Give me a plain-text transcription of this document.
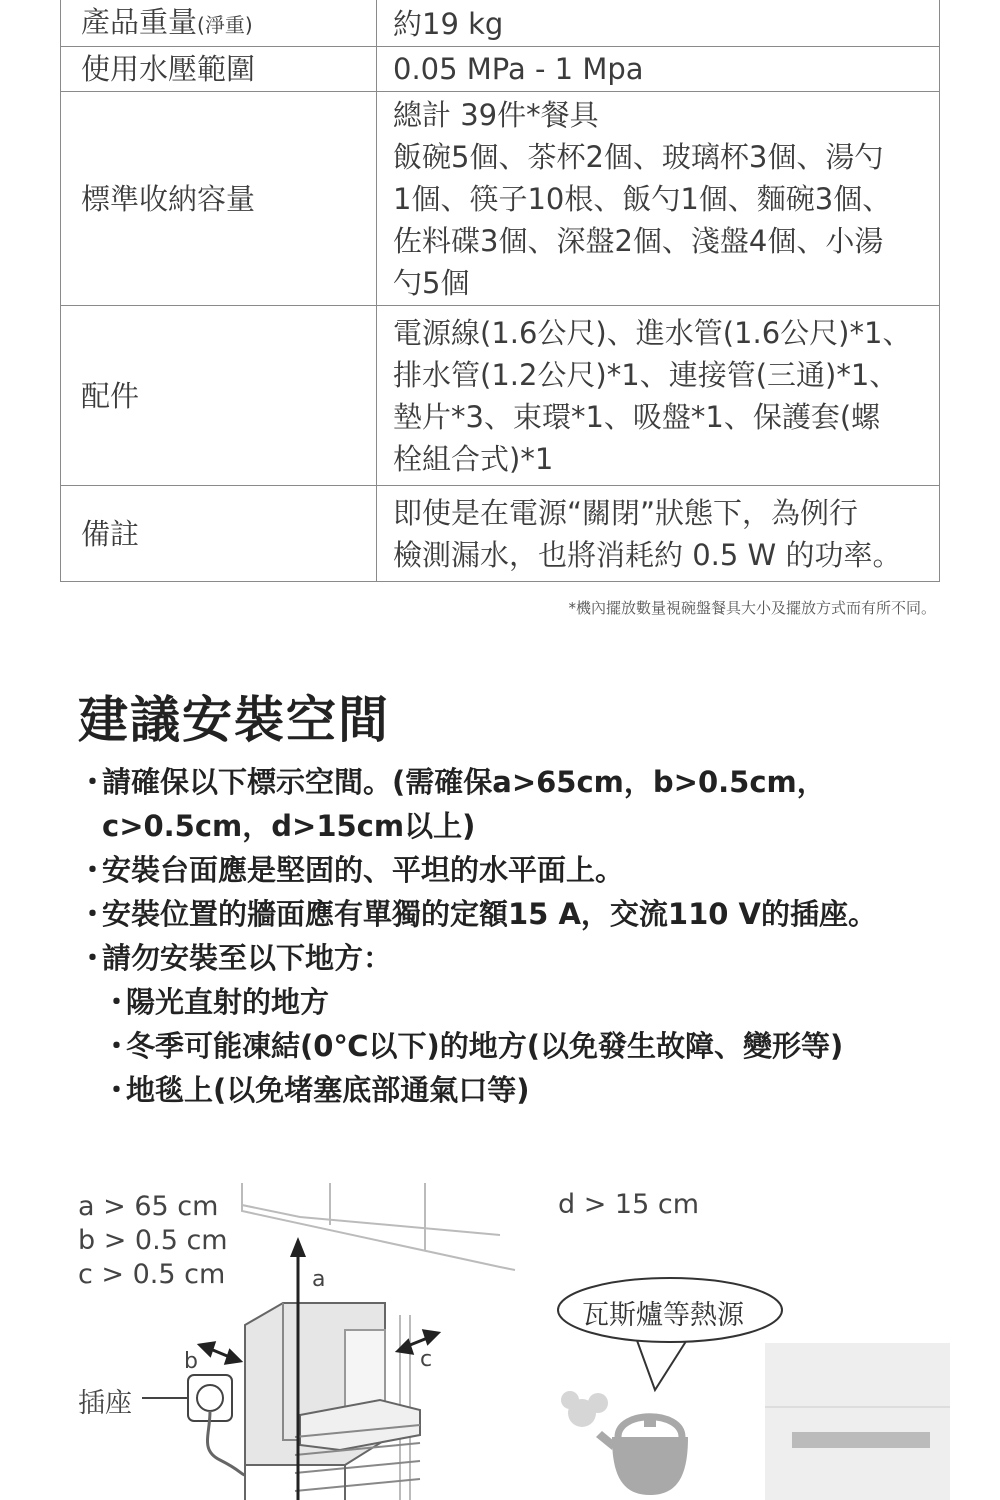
產品重量(淨重)	約19 kg

使用水壓範圍	0.05 MPa - 1 Mpa

標準收納容量	總計 39件*餐具
飯碗5個、茶杯2個、玻璃杯3個、湯勺
1個、筷子10根、飯勺1個、麵碗3個、
佐料碟3個、深盤2個、淺盤4個、小湯
勺5個

配件	電源線(1.6公尺)、進水管(1.6公尺)*1、
排水管(1.2公尺)*1、連接管(三通)*1、
墊片*3、束環*1、吸盤*1、保護套(螺
栓組合式)*1

備註	即使是在電源“關閉”狀態下，為例行
檢測漏水，也將消耗約 0.5 W 的功率。
*機內擺放數量視碗盤餐具大小及擺放方式而有所不同。
建議安裝空間
・請確保以下標示空間。(需確保a>65cm，b>0.5cm，
c>0.5cm，d>15cm以上)
・安裝台面應是堅固的、平坦的水平面上。
・安裝位置的牆面應有單獨的定額15 A，交流110 V的插座。
・請勿安裝至以下地方：
・陽光直射的地方
・冬季可能凍結(0℃以下)的地方(以免發生故障、變形等)
・地毯上(以免堵塞底部通氣口等)
a > 65 cm
b > 0.5 cm
c > 0.5 cm
d > 15 cm
a
b	c
插座
瓦斯爐等熱源
